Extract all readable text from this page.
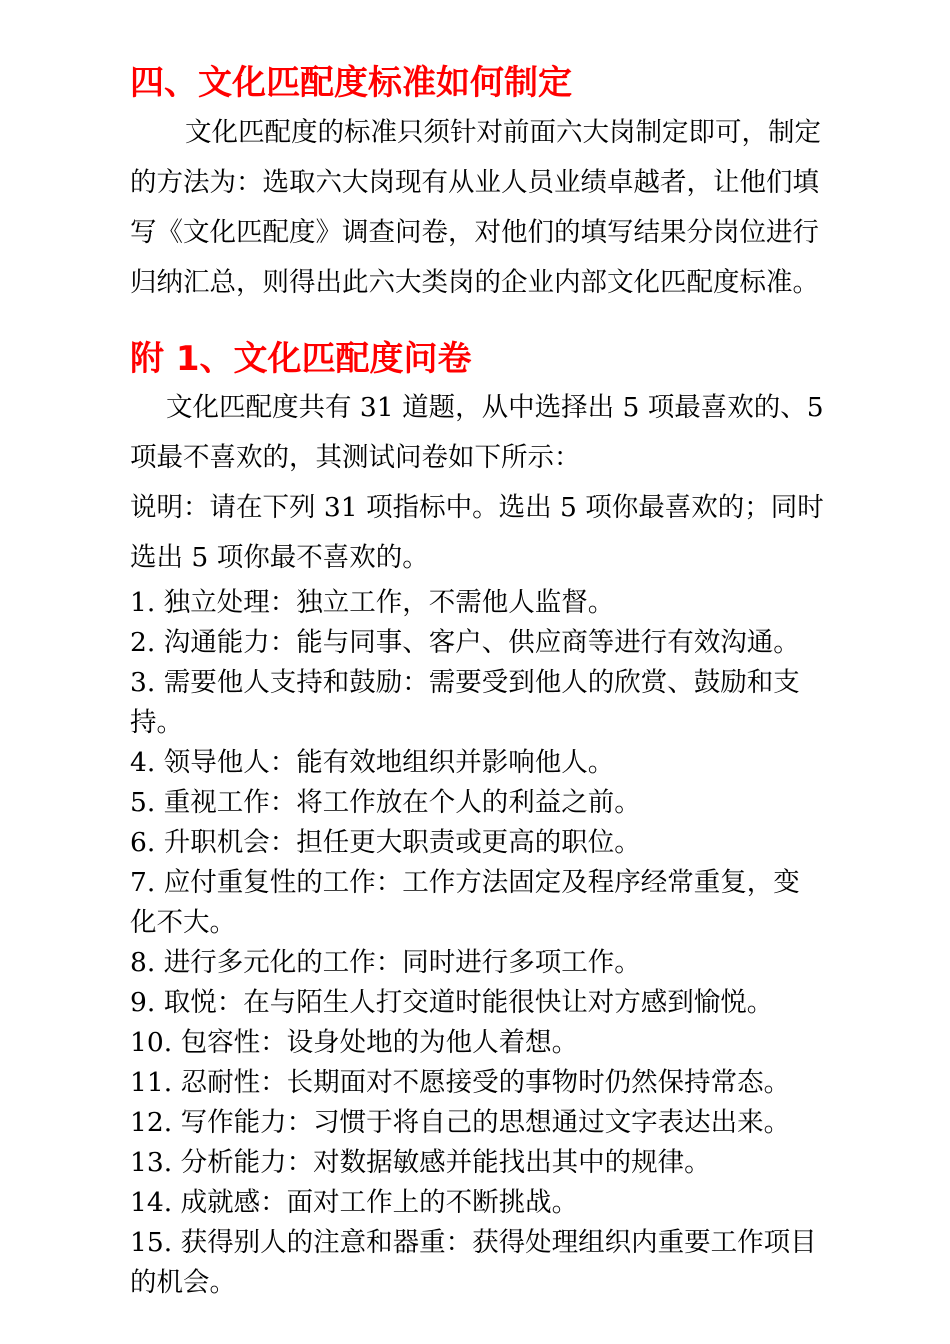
四、文化匹配度标准如何制定
文化匹配度的标准只须针对前面六大岗制定即可，制定
的方法为：选取六大岗现有从业人员业绩卓越者，让他们填
写《文化匹配度》调查问卷，对他们的填写结果分岗位进行
归纳汇总，则得出此六大类岗的企业内部文化匹配度标准。
附 1、文化匹配度问卷
文化匹配度共有 31 道题，从中选择出 5 项最喜欢的、5
项最不喜欢的，其测试问卷如下所示：
说明：请在下列 31 项指标中。选出 5 项你最喜欢的；同时
选出 5 项你最不喜欢的。
1. 独立处理：独立工作，不需他人监督。
2. 沟通能力：能与同事、客户、供应商等进行有效沟通。
3. 需要他人支持和鼓励：需要受到他人的欣赏、鼓励和支
持。
4. 领导他人：能有效地组织并影响他人。
5. 重视工作：将工作放在个人的利益之前。
6. 升职机会：担任更大职责或更高的职位。
7. 应付重复性的工作：工作方法固定及程序经常重复，变
化不大。
8. 进行多元化的工作：同时进行多项工作。
9. 取悦：在与陌生人打交道时能很快让对方感到愉悦。
10. 包容性：设身处地的为他人着想。
11. 忍耐性：长期面对不愿接受的事物时仍然保持常态。
12. 写作能力：习惯于将自己的思想通过文字表达出来。
13. 分析能力：对数据敏感并能找出其中的规律。
14. 成就感：面对工作上的不断挑战。
15. 获得别人的注意和器重：获得处理组织内重要工作项目
的机会。
